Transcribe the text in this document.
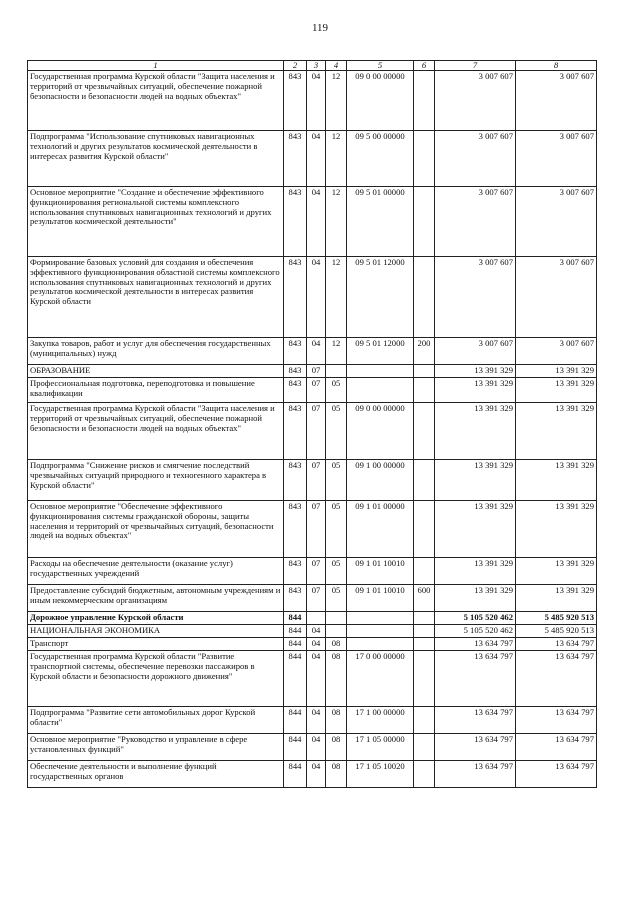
119
1	2	3	4	5	6	7	8
Государственная программа Курской области "Защита населения и территорий от чрезвычайных ситуаций, обеспечение пожарной безопасности и безопасности людей на водных объектах"	843	04	12	09 0 00 00000		3 007 607	3 007 607
Подпрограмма "Использование спутниковых навигационных технологий и других результатов космической деятельности в интересах развития Курской области"	843	04	12	09 5 00 00000		3 007 607	3 007 607
Основное мероприятие "Создание и обеспечение эффективного функционирования региональной системы комплексного использования спутниковых навигационных технологий и других результатов космической деятельности"	843	04	12	09 5 01 00000		3 007 607	3 007 607
Формирование базовых условий для создания и обеспечения эффективного функционирования областной системы комплексного использования спутниковых навигационных технологий и других результатов космической деятельности в интересах развития Курской области	843	04	12	09 5 01 12000		3 007 607	3 007 607
Закупка товаров, работ и услуг для обеспечения государственных (муниципальных) нужд	843	04	12	09 5 01 12000	200	3 007 607	3 007 607
ОБРАЗОВАНИЕ	843	07				13 391 329	13 391 329
Профессиональная подготовка, переподготовка и повышение квалификации	843	07	05			13 391 329	13 391 329
Государственная программа Курской области "Защита населения и территорий от чрезвычайных ситуаций, обеспечение пожарной безопасности и безопасности людей на водных объектах"	843	07	05	09 0 00 00000		13 391 329	13 391 329
Подпрограмма "Снижение рисков и смягчение последствий чрезвычайных ситуаций природного и техногенного характера в Курской области"	843	07	05	09 1 00 00000		13 391 329	13 391 329
Основное мероприятие "Обеспечение эффективного функционирования системы гражданской обороны, защиты населения и территорий от чрезвычайных ситуаций, безопасности людей на водных объектах"	843	07	05	09 1 01 00000		13 391 329	13 391 329
Расходы на обеспечение деятельности (оказание услуг) государственных учреждений	843	07	05	09 1 01 10010		13 391 329	13 391 329
Предоставление субсидий бюджетным, автономным учреждениям и иным некоммерческим организациям	843	07	05	09 1 01 10010	600	13 391 329	13 391 329
Дорожное управление Курской области	844					5 105 520 462	5 485 920 513
НАЦИОНАЛЬНАЯ ЭКОНОМИКА	844	04				5 105 520 462	5 485 920 513
Транспорт	844	04	08			13 634 797	13 634 797
Государственная программа Курской области "Развитие транспортной системы, обеспечение перевозки пассажиров в Курской области и безопасности дорожного движения"	844	04	08	17 0 00 00000		13 634 797	13 634 797
Подпрограмма "Развитие сети автомобильных дорог Курской области"	844	04	08	17 1 00 00000		13 634 797	13 634 797
Основное мероприятие "Руководство и управление в сфере установленных функций"	844	04	08	17 1 05 00000		13 634 797	13 634 797
Обеспечение деятельности и выполнение функций государственных органов	844	04	08	17 1 05 10020		13 634 797	13 634 797
